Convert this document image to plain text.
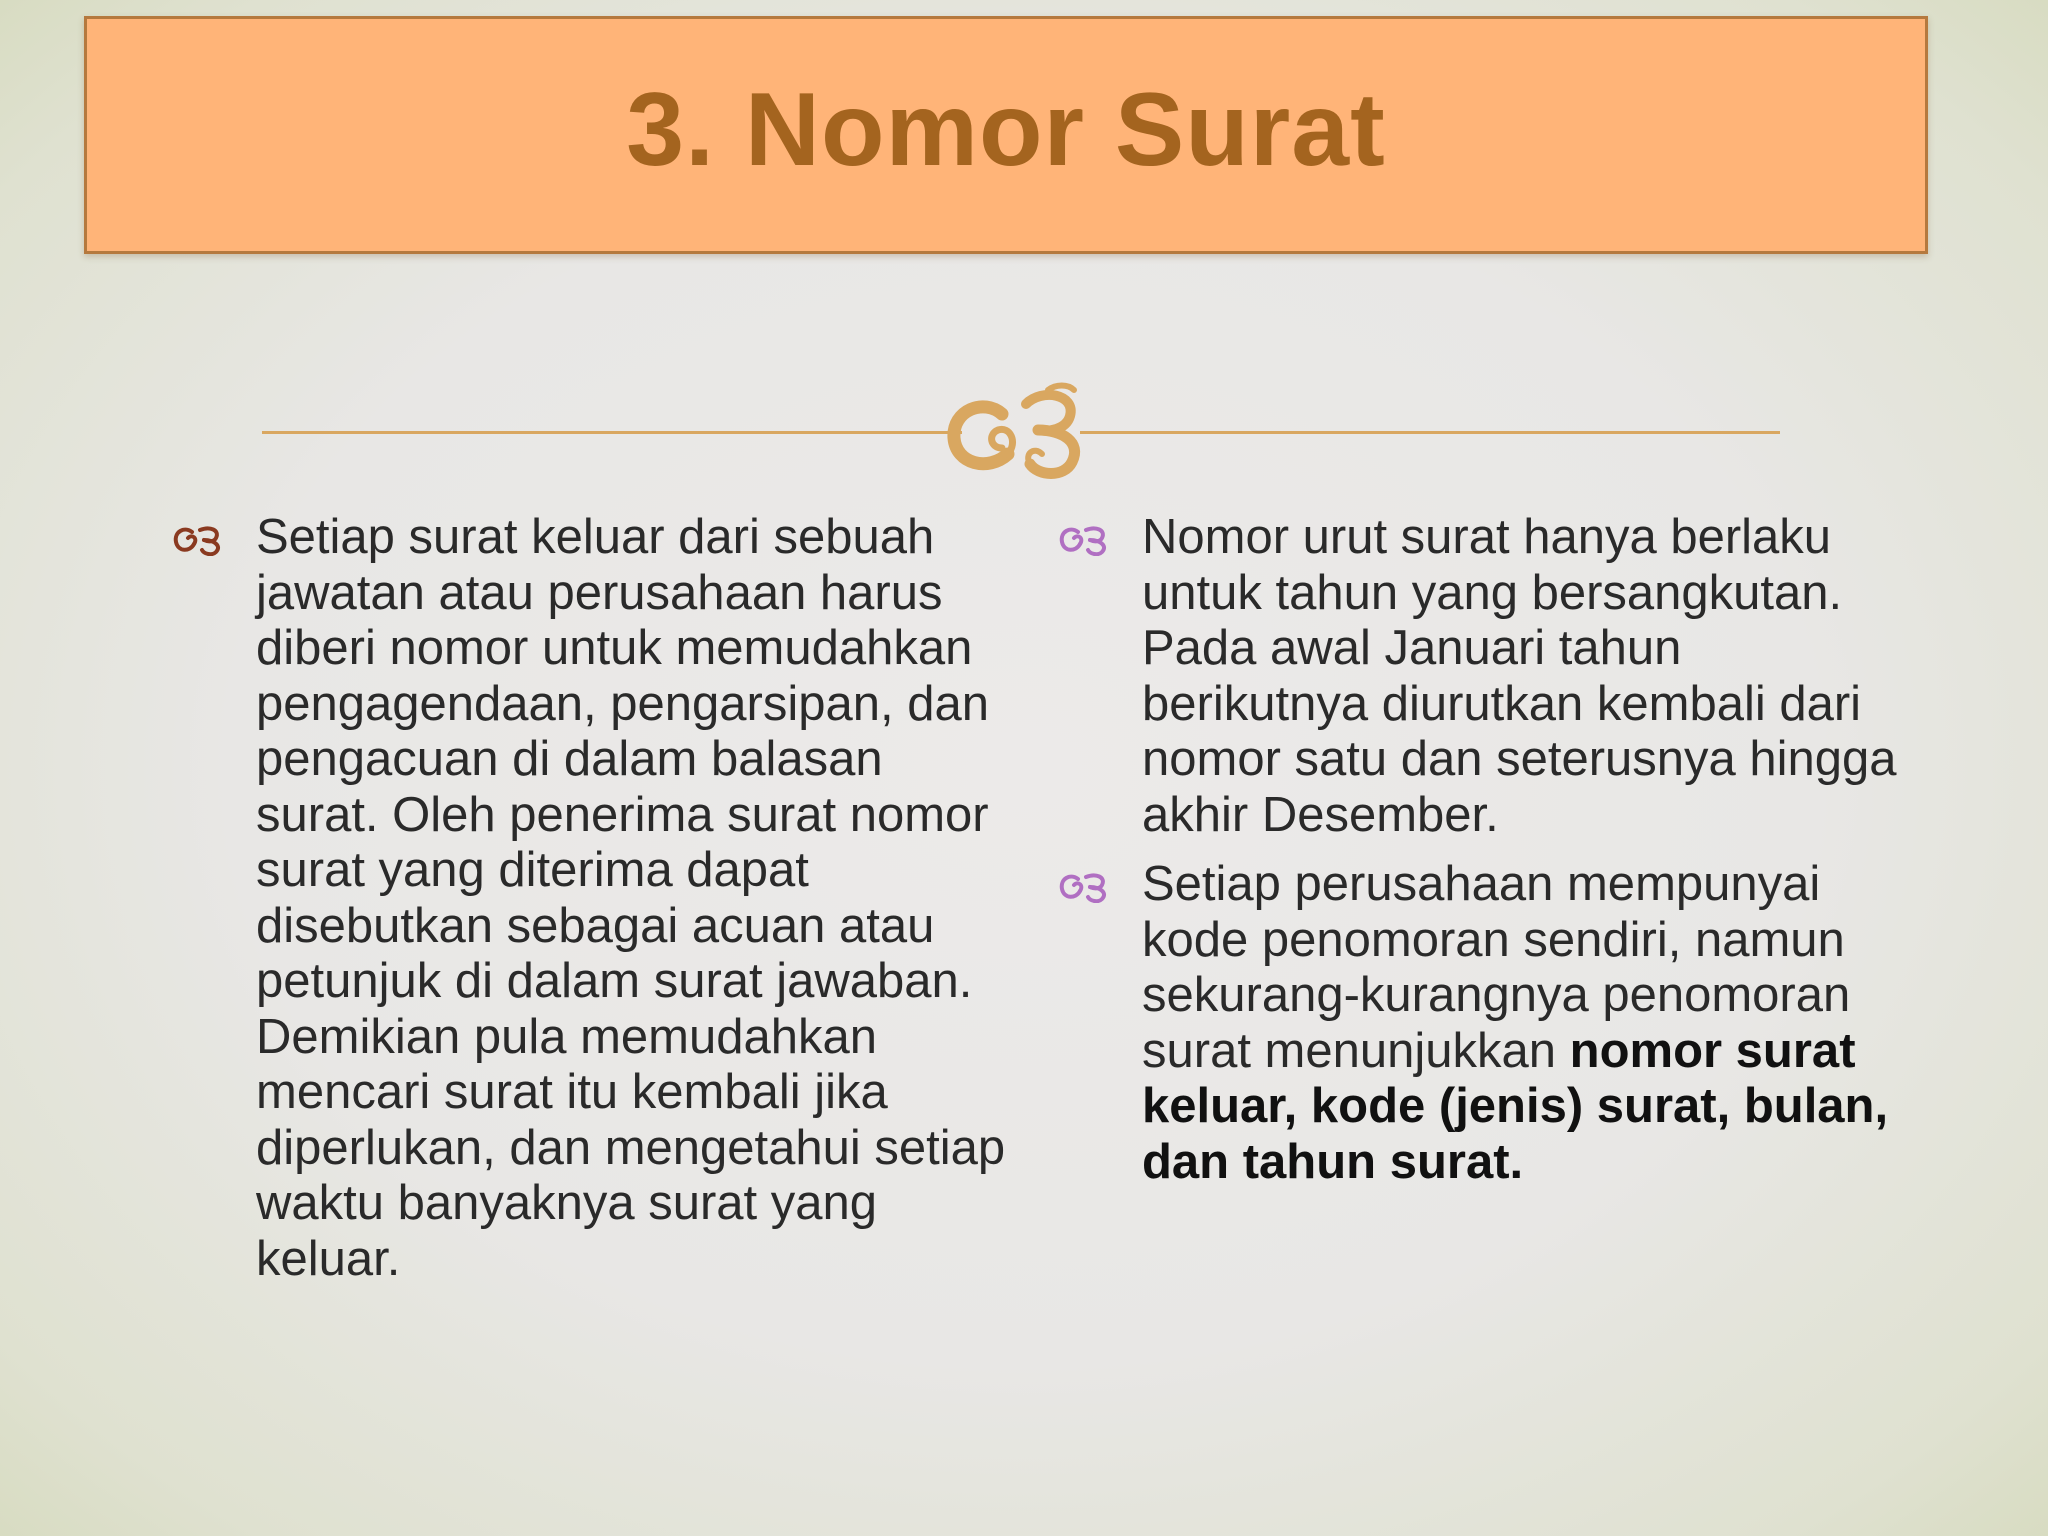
3. Nomor Surat
Setiap surat keluar dari sebuah jawatan atau perusahaan harus diberi nomor untuk memudahkan pengagendaan, pengarsipan, dan pengacuan di dalam balasan surat. Oleh penerima surat nomor surat yang diterima dapat disebutkan sebagai acuan atau petunjuk di dalam surat jawaban. Demikian pula memudahkan mencari surat itu kembali jika diperlukan, dan mengetahui setiap waktu banyaknya surat yang keluar.
Nomor urut surat hanya berlaku untuk tahun yang bersangkutan. Pada awal Januari tahun berikutnya diurutkan kembali dari nomor satu dan seterusnya hingga akhir Desember.
Setiap perusahaan mempunyai kode penomoran sendiri, namun sekurang-kurangnya penomoran surat menunjukkan nomor surat keluar, kode (jenis) surat, bulan, dan tahun surat.
